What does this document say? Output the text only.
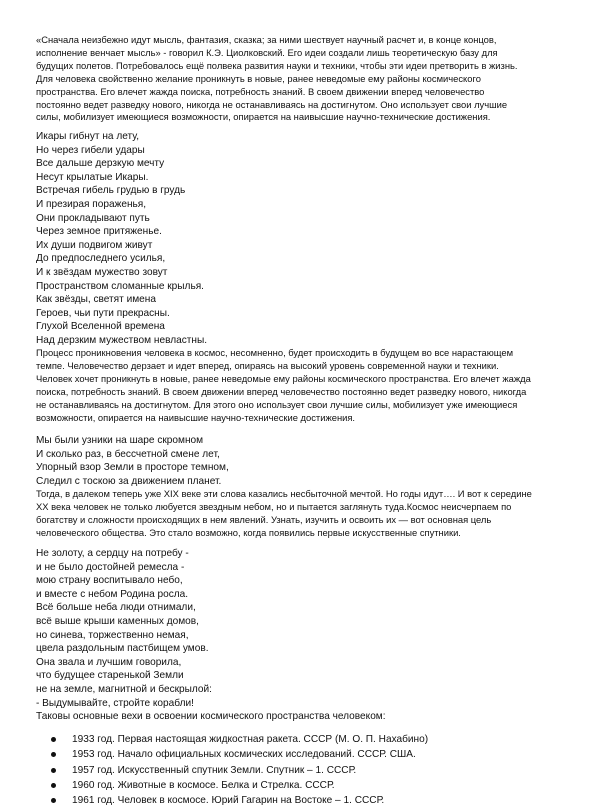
«Сначала неизбежно идут мысль, фантазия, сказка; за ними шествует научный расчет и, в конце концов,
исполнение венчает мысль» - говорил К.Э. Циолковский. Его идеи создали лишь теоретическую базу для
будущих полетов. Потребовалось ещё полвека развития науки и техники, чтобы эти идеи претворить в жизнь.
Для человека свойственно желание проникнуть в новые, ранее неведомые ему районы космического
пространства. Его влечет жажда поиска, потребность знаний. В своем движении вперед человечество
постоянно ведет разведку нового, никогда не останавливаясь на достигнутом. Оно использует свои лучшие
силы, мобилизует имеющиеся возможности, опирается на наивысшие научно-технические достижения.
Икары гибнут на лету,
Но через гибели удары
Все дальше дерзкую мечту
Несут крылатые Икары.
Встречая гибель грудью в грудь
И презирая пораженья,
Они прокладывают путь
Через земное притяженье.
Их души подвигом живут
До предпоследнего усилья,
И к звёздам мужество зовут
Пространством сломанные крылья.
Как звёзды, светят имена
Героев, чьи пути прекрасны.
Глухой Вселенной времена
Над дерзким мужеством невластны.
Процесс проникновения человека в космос, несомненно, будет происходить в будущем во все нарастающем
темпе. Человечество дерзает и идет вперед, опираясь на высокий уровень современной науки и техники.
Человек хочет проникнуть в новые, ранее неведомые ему районы космического пространства. Его влечет жажда
поиска, потребность знаний. В своем движении вперед человечество постоянно ведет разведку нового, никогда
не останавливаясь на достигнутом. Для этого оно использует свои лучшие силы, мобилизует уже имеющиеся
возможности, опирается на наивысшие научно-технические достижения.
Мы были узники на шаре скромном
И сколько раз, в бессчетной смене лет,
Упорный взор Земли в просторе темном,
Следил с тоскою за движением планет.
Тогда, в далеком теперь уже XIX веке эти слова казались несбыточной мечтой. Но годы идут…. И вот к середине
XX века человек не только любуется звездным небом, но и пытается заглянуть туда.Космос неисчерпаем по
богатству и сложности происходящих в нем явлений. Узнать, изучить и освоить их — вот основная цель
человеческого общества. Это стало возможно, когда появились первые искусственные спутники.
Не золоту, а сердцу на потребу -
и не было достойней ремесла -
мою страну воспитывало небо,
и вместе с небом Родина росла.
Всё больше неба люди отнимали,
всё выше крыши каменных домов,
но синева, торжественно немая,
цвела раздольным пастбищем умов.
Она звала и лучшим говорила,
что будущее старенькой Земли
не на земле, магнитной и бескрылой:
- Выдумывайте, стройте корабли!
Таковы основные вехи в освоении космического пространства человеком:
1933 год. Первая настоящая жидкостная ракета. СССР (М. О. П. Нахабино)
1953 год. Начало официальных космических исследований. СССР. США.
1957 год. Искусственный спутник Земли. Спутник – 1. СССР.
1960 год. Животные в космосе. Белка и Стрелка. СССР.
1961 год. Человек в космосе. Юрий Гагарин на Востоке – 1. СССР.
